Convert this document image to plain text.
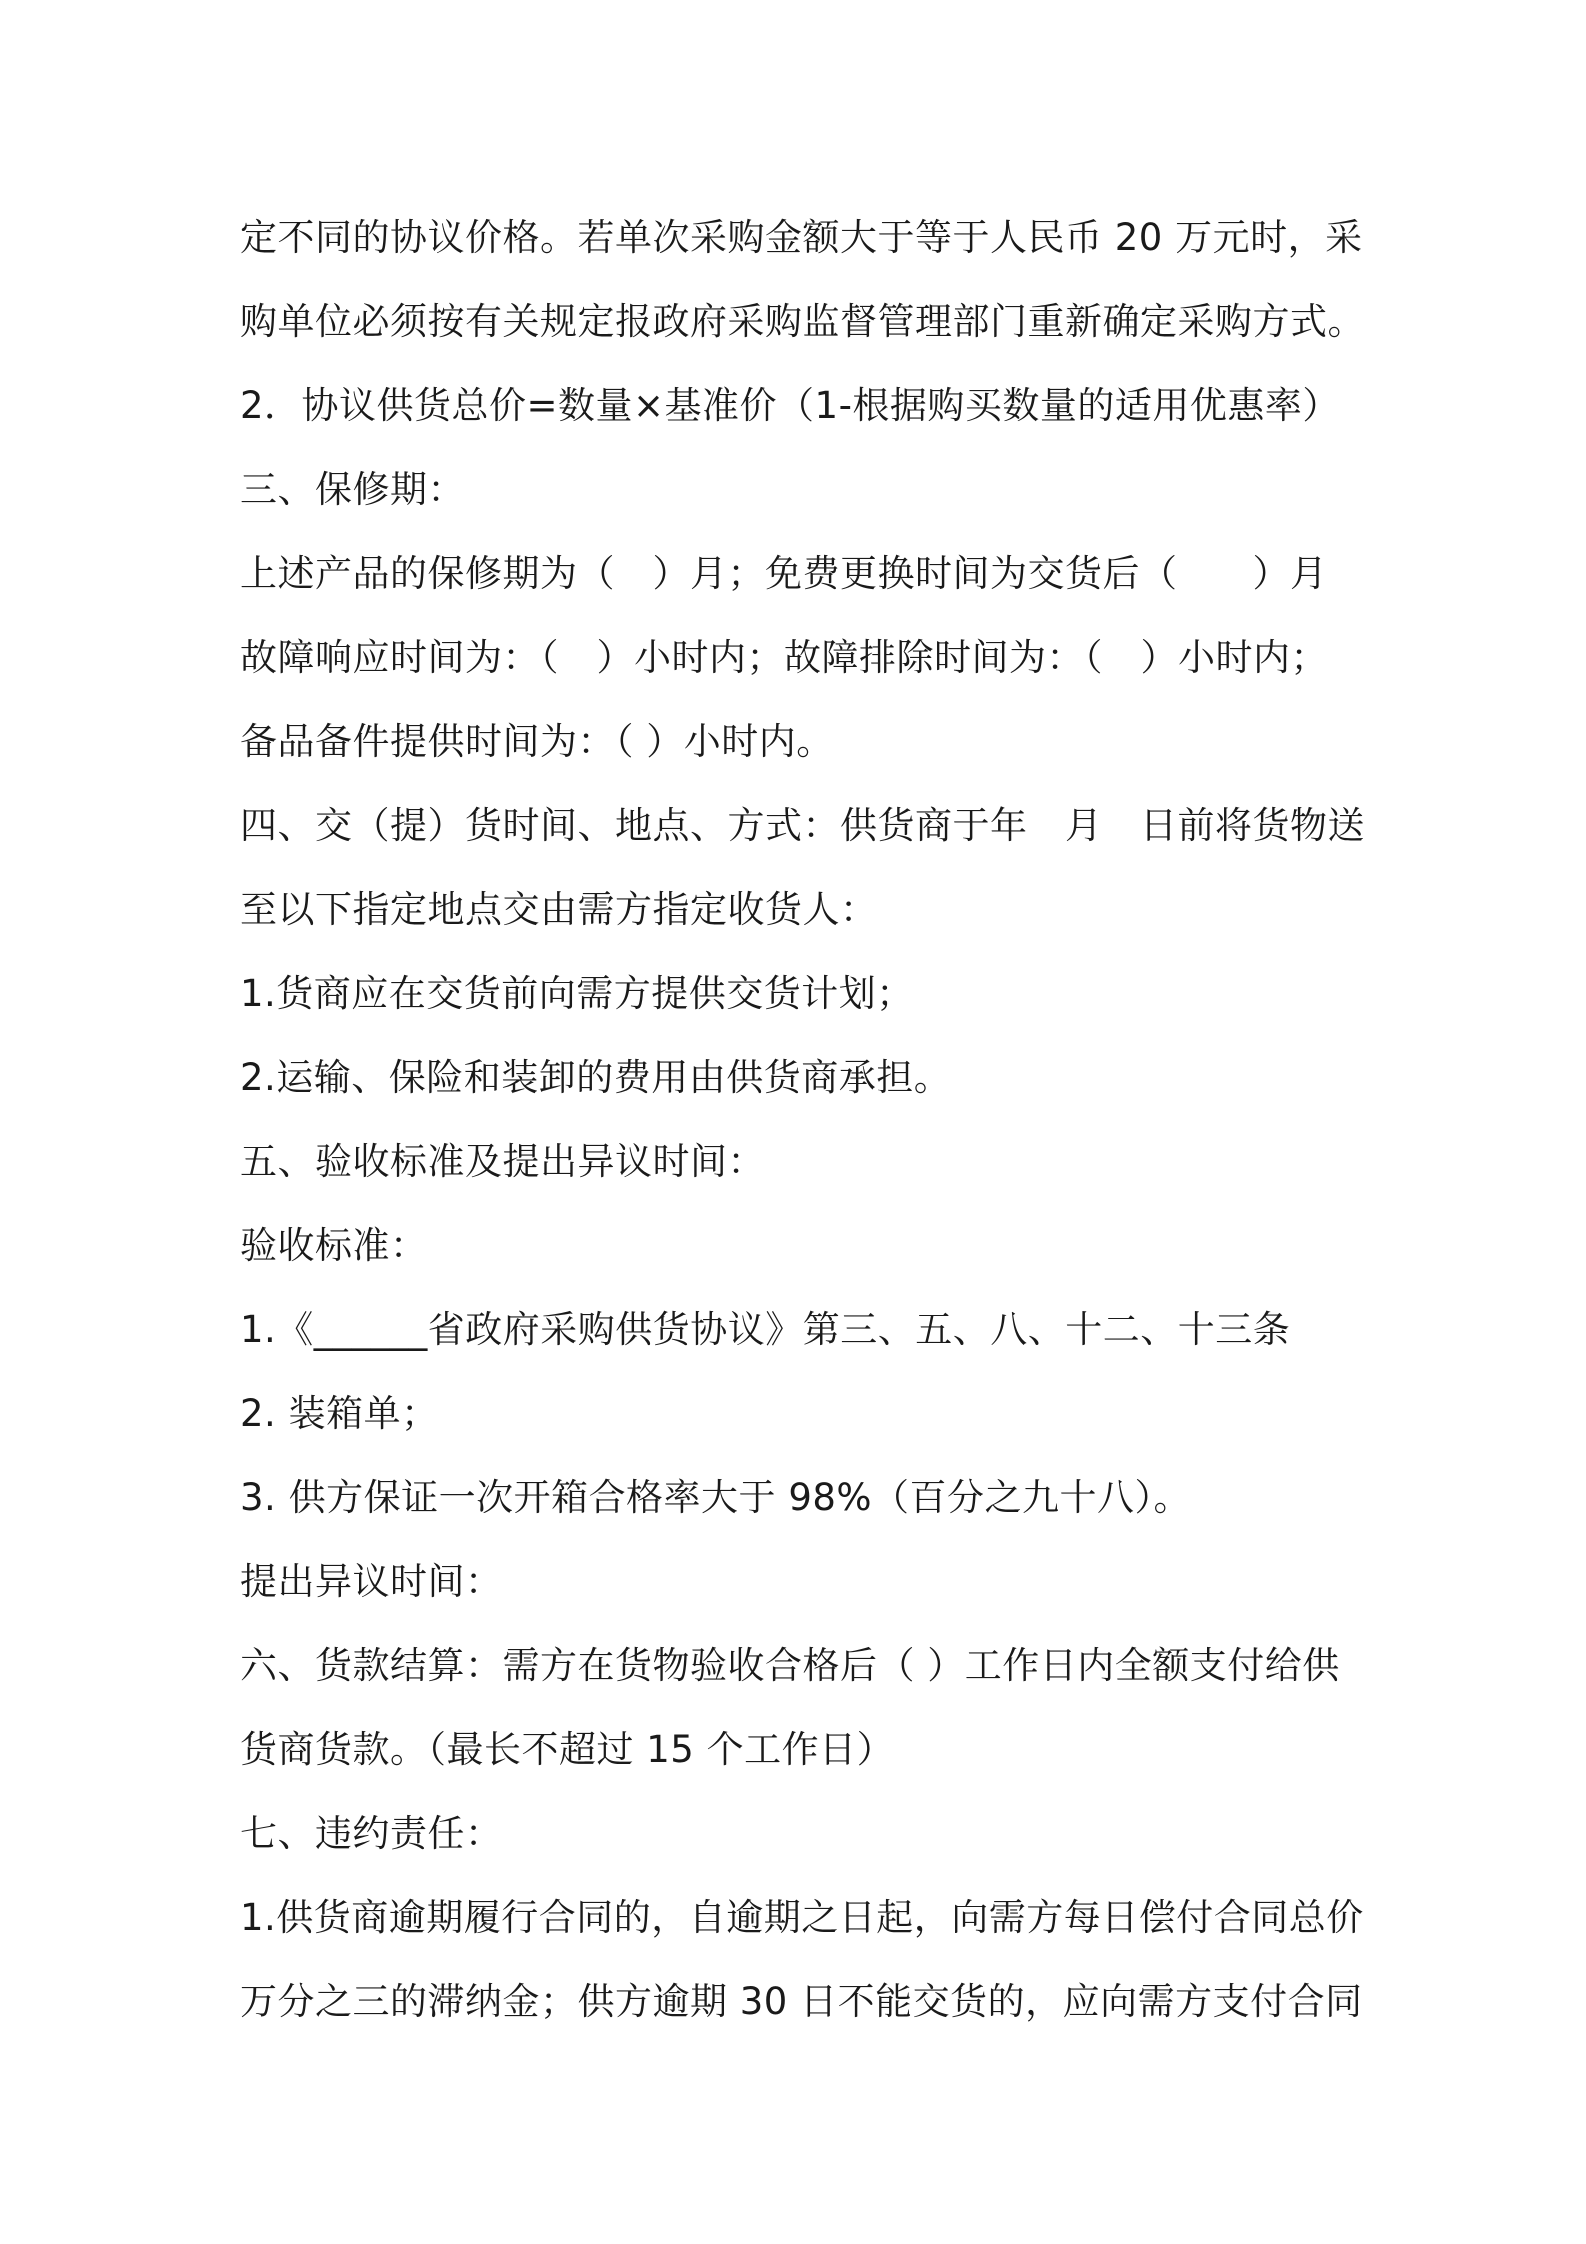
定不同的协议价格。若单次采购金额大于等于人民币 20 万元时，采
购单位必须按有关规定报政府采购监督管理部门重新确定采购方式。
2．协议供货总价=数量×基准价（1-根据购买数量的适用优惠率）
三、保修期：
上述产品的保修期为（　）月；免费更换时间为交货后（　　）月
故障响应时间为：（　）小时内；故障排除时间为：（　）小时内；
备品备件提供时间为：（ ）小时内。
四、交（提）货时间、地点、方式：供货商于年　月　日前将货物送
至以下指定地点交由需方指定收货人：
1.货商应在交货前向需方提供交货计划；
2.运输、保险和装卸的费用由供货商承担。
五、验收标准及提出异议时间：
验收标准：
1.《______省政府采购供货协议》第三、五、八、十二、十三条
2. 装箱单；
3. 供方保证一次开箱合格率大于 98%（百分之九十八）。
提出异议时间：
六、货款结算：需方在货物验收合格后（ ）工作日内全额支付给供
货商货款。（最长不超过 15 个工作日）
七、违约责任：
1.供货商逾期履行合同的，自逾期之日起，向需方每日偿付合同总价
万分之三的滞纳金；供方逾期 30 日不能交货的，应向需方支付合同
